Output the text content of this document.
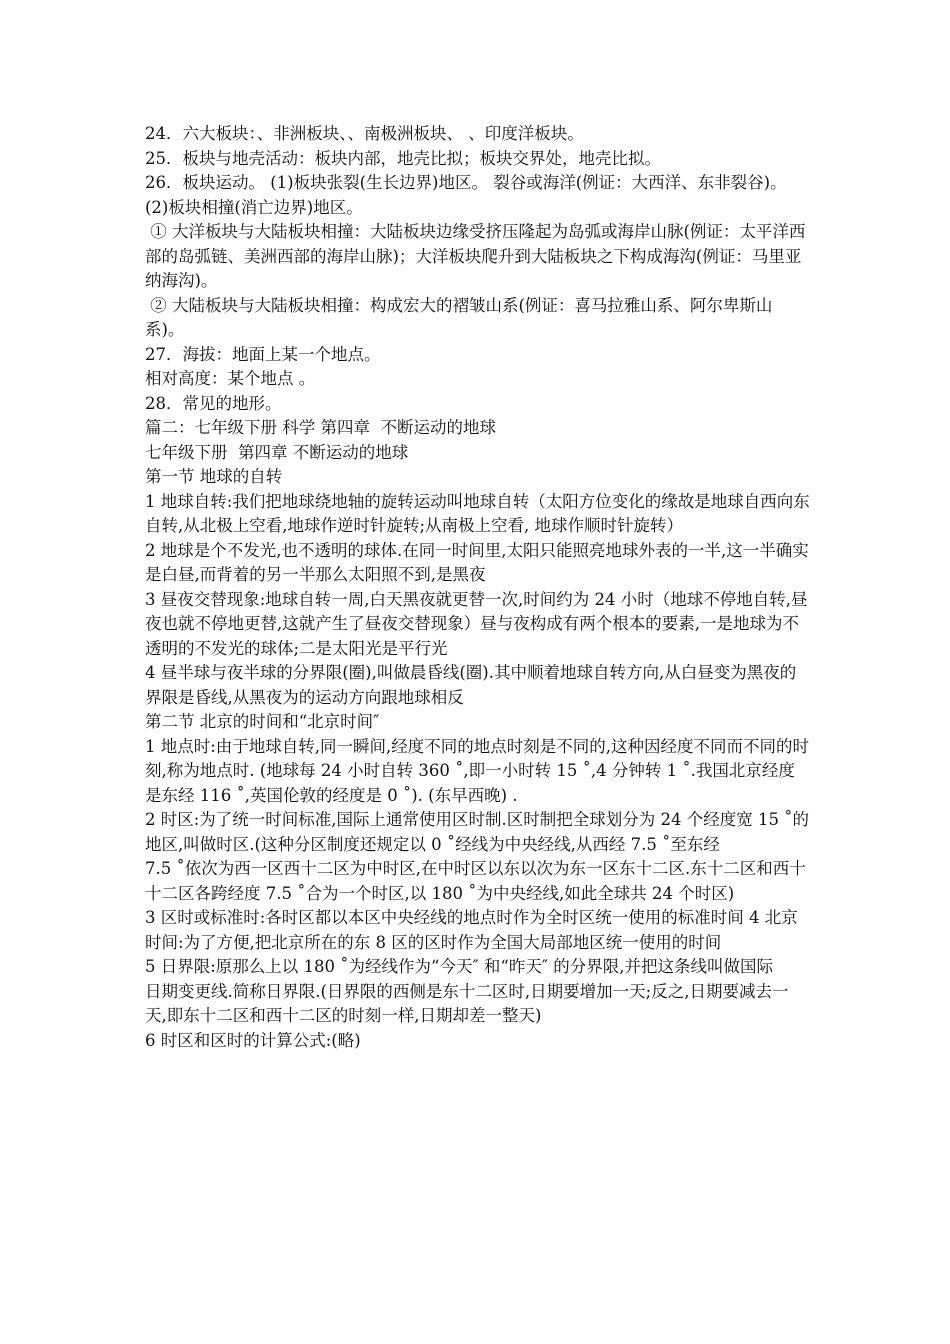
24．六大板块：、非洲板块、、南极洲板块、 、印度洋板块。

25．板块与地壳活动：板块内部，地壳比拟；板块交界处，地壳比拟。

26．板块运动。 (1)板块张裂(生长边界)地区。 裂谷或海洋(例证：大西洋、东非裂谷)。

(2)板块相撞(消亡边界)地区。

① 大洋板块与大陆板块相撞：大陆板块边缘受挤压隆起为岛弧或海岸山脉(例证：太平洋西部的岛弧链、美洲西部的海岸山脉)；大洋板块爬升到大陆板块之下构成海沟(例证：马里亚纳海沟)。

② 大陆板块与大陆板块相撞：构成宏大的褶皱山系(例证：喜马拉雅山系、阿尔卑斯山系)。

27．海拔：地面上某一个地点。

相对高度：某个地点 。

28．常见的地形。

篇二：七年级下册 科学 第四章  不断运动的地球

七年级下册  第四章 不断运动的地球

第一节 地球的自转

1 地球自转:我们把地球绕地轴的旋转运动叫地球自转（太阳方位变化的缘故是地球自西向东自转,从北极上空看,地球作逆时针旋转;从南极上空看, 地球作顺时针旋转）

2 地球是个不发光,也不透明的球体.在同一时间里,太阳只能照亮地球外表的一半,这一半确实是白昼,而背着的另一半那么太阳照不到,是黑夜

3 昼夜交替现象:地球自转一周,白天黑夜就更替一次,时间约为 24 小时（地球不停地自转,昼夜也就不停地更替,这就产生了昼夜交替现象）昼与夜构成有两个根本的要素,一是地球为不透明的不发光的球体;二是太阳光是平行光

4 昼半球与夜半球的分界限(圈),叫做晨昏线(圈).其中顺着地球自转方向,从白昼变为黑夜的界限是昏线,从黑夜为的运动方向跟地球相反

第二节 北京的时间和“北京时间″

1 地点时:由于地球自转,同一瞬间,经度不同的地点时刻是不同的,这种因经度不同而不同的时刻,称为地点时. (地球每 24 小时自转 360 ˚,即一小时转 15 ˚,4 分钟转 1 ˚.我国北京经度是东经 116 ˚,英国伦敦的经度是 0 ˚). (东早西晚) .

2 时区:为了统一时间标准,国际上通常使用区时制.区时制把全球划分为 24 个经度宽 15 ˚的地区,叫做时区.(这种分区制度还规定以 0 ˚经线为中央经线,从西经 7.5 ˚至东经

7.5 ˚依次为西一区西十二区为中时区,在中时区以东以次为东一区东十二区.东十二区和西十十二区各跨经度 7.5 ˚合为一个时区,以 180 ˚为中央经线,如此全球共 24 个时区)

3 区时或标准时:各时区都以本区中央经线的地点时作为全时区统一使用的标准时间 4 北京时间:为了方便,把北京所在的东 8 区的区时作为全国大局部地区统一使用的时间

5 日界限:原那么上以 180 ˚为经线作为“今天″ 和“昨天″ 的分界限,并把这条线叫做国际

日期变更线.简称日界限.(日界限的西侧是东十二区时,日期要增加一天;反之,日期要减去一天,即东十二区和西十二区的时刻一样,日期却差一整天)

6 时区和区时的计算公式:(略)
